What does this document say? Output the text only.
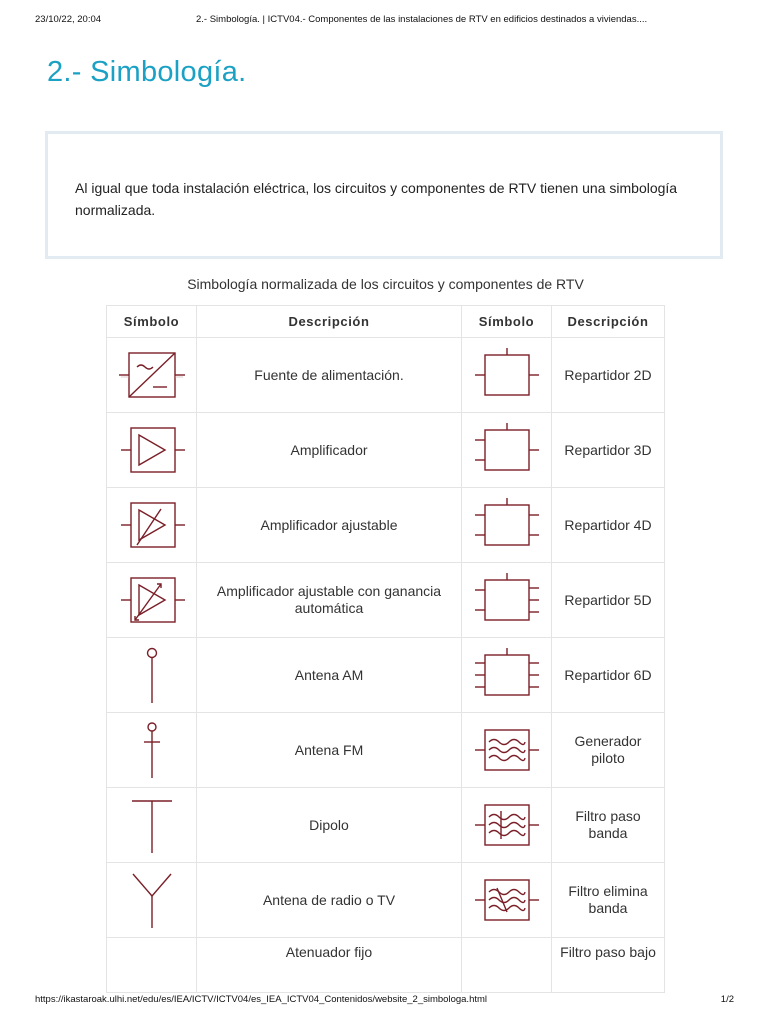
23/10/22, 20:04	2.- Simbología. | ICTV04.- Componentes de las instalaciones de RTV en edificios destinados a viviendas....
2.- Simbología.

Al igual que toda instalación eléctrica, los circuitos y componentes de RTV tienen una simbología normalizada.

Simbología normalizada de los circuitos y componentes de RTV
Símbolo	Descripción	Símbolo	Descripción

	Fuente de alimentación.		Repartidor 2D

	Amplificador		Repartidor 3D

	Amplificador ajustable		Repartidor 4D

	Amplificador ajustable con ganancia automática		Repartidor 5D

	Antena AM		Repartidor 6D

	Antena FM		Generador piloto

	Dipolo		Filtro paso banda

	Antena de radio o TV		Filtro elimina banda
	Atenuador fijo		Filtro paso bajo
https://ikastaroak.ulhi.net/edu/es/IEA/ICTV/ICTV04/es_IEA_ICTV04_Contenidos/website_2_simbologa.html	1/2
